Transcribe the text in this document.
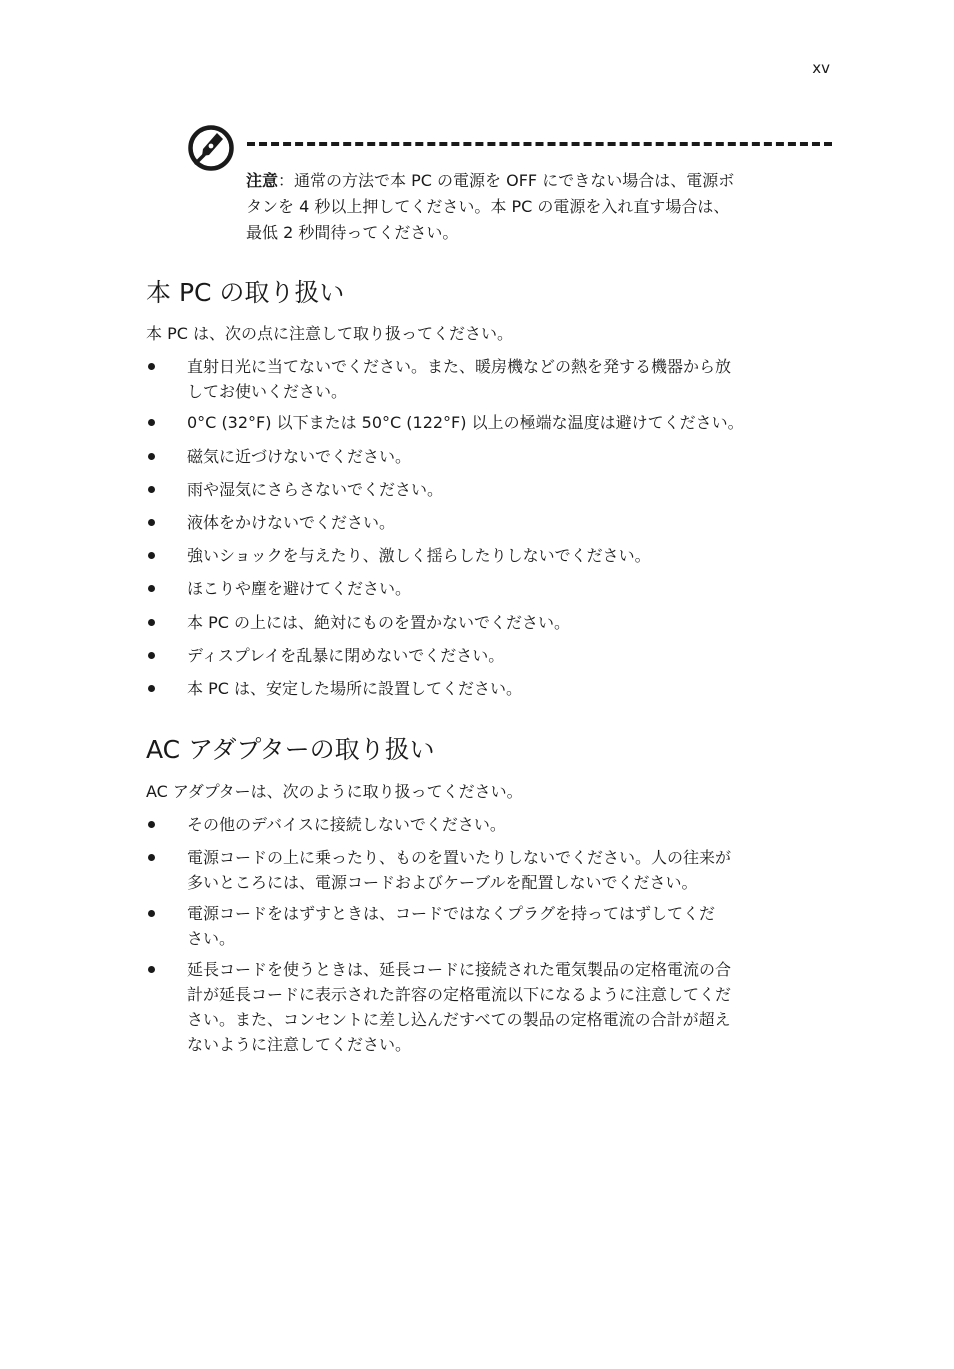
xv
注意：通常の方法で本 PC の電源を OFF にできない場合は、電源ボ
タンを 4 秒以上押してください。本 PC の電源を入れ直す場合は、
最低 2 秒間待ってください。
本 PC の取り扱い
本 PC は、次の点に注意して取り扱ってください。
直射日光に当てないでください。また、暖房機などの熱を発する機器から放
してお使いください。
0°C (32°F) 以下または 50°C (122°F) 以上の極端な温度は避けてください。
磁気に近づけないでください。
雨や湿気にさらさないでください。
液体をかけないでください。
強いショックを与えたり、激しく揺らしたりしないでください。
ほこりや塵を避けてください。
本 PC の上には、絶対にものを置かないでください。
ディスプレイを乱暴に閉めないでください。
本 PC は、安定した場所に設置してください。
AC アダプターの取り扱い
AC アダプターは、次のように取り扱ってください。
その他のデバイスに接続しないでください。
電源コードの上に乗ったり、ものを置いたりしないでください。人の往来が
多いところには、電源コードおよびケーブルを配置しないでください。
電源コードをはずすときは、コードではなくプラグを持ってはずしてくだ
さい。
延長コードを使うときは、延長コードに接続された電気製品の定格電流の合
計が延長コードに表示された許容の定格電流以下になるように注意してくだ
さい。また、コンセントに差し込んだすべての製品の定格電流の合計が超え
ないように注意してください。
